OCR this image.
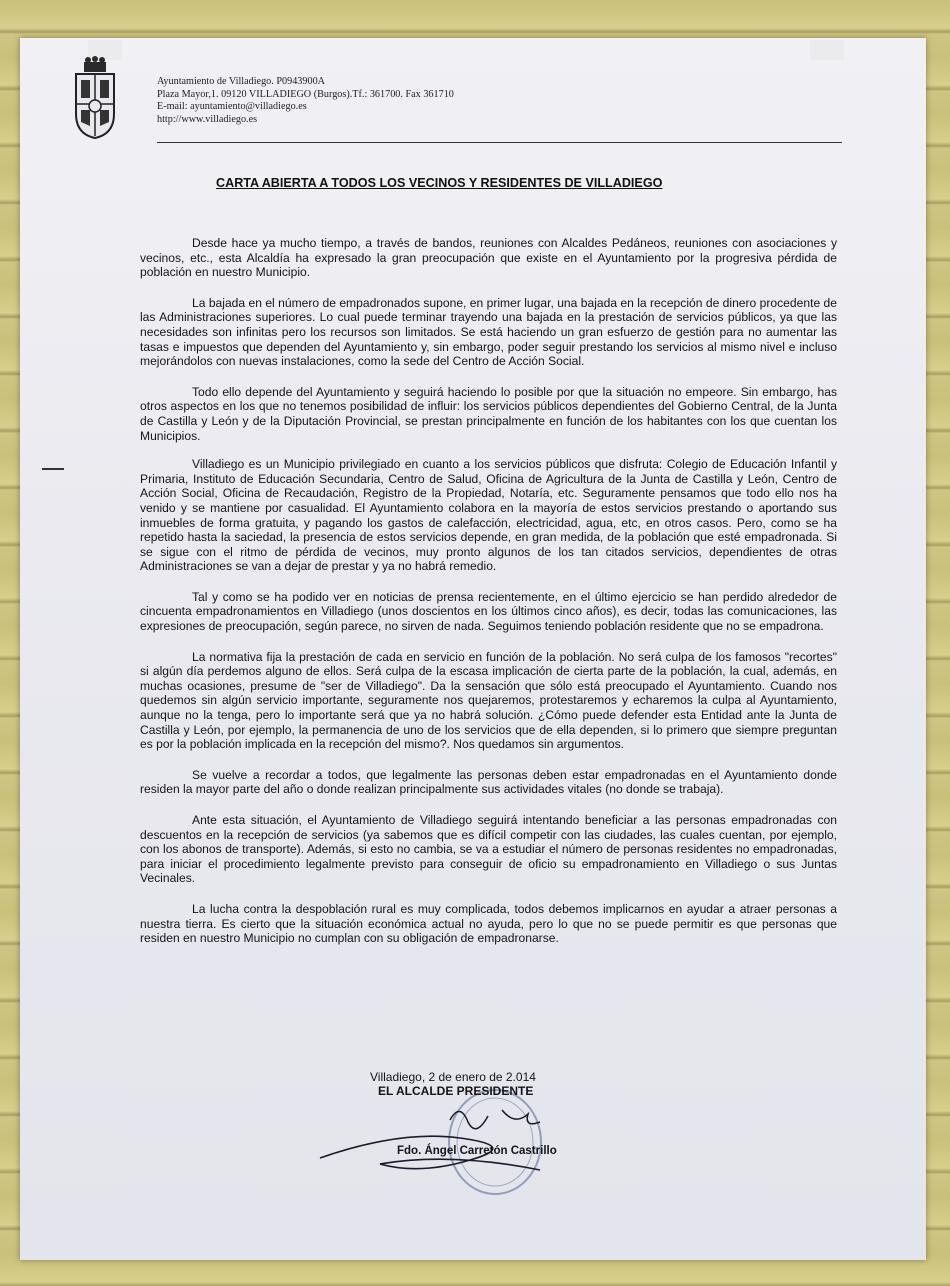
Ayuntamiento de Villadiego. P0943900A
Plaza Mayor,1. 09120 VILLADIEGO (Burgos).Tf.: 361700. Fax 361710
E-mail: ayuntamiento@villadiego.es
http://www.villadiego.es
CARTA ABIERTA A TODOS LOS VECINOS Y RESIDENTES DE VILLADIEGO

Desde hace ya mucho tiempo, a través de bandos, reuniones con Alcaldes Pedáneos, reuniones con asociaciones y vecinos, etc., esta Alcaldía ha expresado la gran preocupación que existe en el Ayuntamiento por la progresiva pérdida de población en nuestro Municipio.

La bajada en el número de empadronados supone, en primer lugar, una bajada en la recepción de dinero procedente de las Administraciones superiores. Lo cual puede terminar trayendo una bajada en la prestación de servicios públicos, ya que las necesidades son infinitas pero los recursos son limitados. Se está haciendo un gran esfuerzo de gestión para no aumentar las tasas e impuestos que dependen del Ayuntamiento y, sin embargo, poder seguir prestando los servicios al mismo nivel e incluso mejorándolos con nuevas instalaciones, como la sede del Centro de Acción Social.

Todo ello depende del Ayuntamiento y seguirá haciendo lo posible por que la situación no empeore. Sin embargo, has otros aspectos en los que no tenemos posibilidad de influir: los servicios públicos dependientes del Gobierno Central, de la Junta de Castilla y León y de la Diputación Provincial, se prestan principalmente en función de los habitantes con los que cuentan los Municipios.

Villadiego es un Municipio privilegiado en cuanto a los servicios públicos que disfruta: Colegio de Educación Infantil y Primaria, Instituto de Educación Secundaria, Centro de Salud, Oficina de Agricultura de la Junta de Castilla y León, Centro de Acción Social, Oficina de Recaudación, Registro de la Propiedad, Notaría, etc. Seguramente pensamos que todo ello nos ha venido y se mantiene por casualidad. El Ayuntamiento colabora en la mayoría de estos servicios prestando o aportando sus inmuebles de forma gratuita, y pagando los gastos de calefacción, electricidad, agua, etc, en otros casos. Pero, como se ha repetido hasta la saciedad, la presencia de estos servicios depende, en gran medida, de la población que esté empadronada. Si se sigue con el ritmo de pérdida de vecinos, muy pronto algunos de los tan citados servicios, dependientes de otras Administraciones se van a dejar de prestar y ya no habrá remedio.

Tal y como se ha podido ver en noticias de prensa recientemente, en el último ejercicio se han perdido alrededor de cincuenta empadronamientos en Villadiego (unos doscientos en los últimos cinco años), es decir, todas las comunicaciones, las expresiones de preocupación, según parece, no sirven de nada. Seguimos teniendo población residente que no se empadrona.

La normativa fija la prestación de cada en servicio en función de la población. No será culpa de los famosos "recortes" si algún día perdemos alguno de ellos. Será culpa de la escasa implicación de cierta parte de la población, la cual, además, en muchas ocasiones, presume de "ser de Villadiego". Da la sensación que sólo está preocupado el Ayuntamiento. Cuando nos quedemos sin algún servicio importante, seguramente nos quejaremos, protestaremos y echaremos la culpa al Ayuntamiento, aunque no la tenga, pero lo importante será que ya no habrá solución. ¿Cómo puede defender esta Entidad ante la Junta de Castilla y León, por ejemplo, la permanencia de uno de los servicios que de ella dependen, si lo primero que siempre preguntan es por la población implicada en la recepción del mismo?. Nos quedamos sin argumentos.

Se vuelve a recordar a todos, que legalmente las personas deben estar empadronadas en el Ayuntamiento donde residen la mayor parte del año o donde realizan principalmente sus actividades vitales (no donde se trabaja).

Ante esta situación, el Ayuntamiento de Villadiego seguirá intentando beneficiar a las personas empadronadas con descuentos en la recepción de servicios (ya sabemos que es difícil competir con las ciudades, las cuales cuentan, por ejemplo, con los abonos de transporte). Además, si esto no cambia, se va a estudiar el número de personas residentes no empadronadas, para iniciar el procedimiento legalmente previsto para conseguir de oficio su empadronamiento en Villadiego o sus Juntas Vecinales.

La lucha contra la despoblación rural es muy complicada, todos debemos implicarnos en ayudar a atraer personas a nuestra tierra. Es cierto que la situación económica actual no ayuda, pero lo que no se puede permitir es que personas que residen en nuestro Municipio no cumplan con su obligación de empadronarse.

Villadiego, 2 de enero de 2.014
EL ALCALDE PRESIDENTE
Fdo. Ángel Carretón Castrillo
